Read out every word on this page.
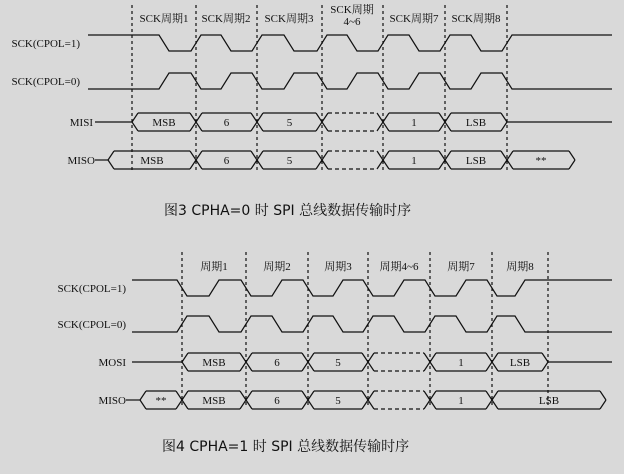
SCK周期1 SCK周期2 SCK周期3
SCK周期 4~6	SCK周期7 SCK周期8
SCK(CPOL=1)
SCK(CPOL=0)
MISI
MISO
MSB	6	5	1	LSB
MSB	6	5	1	LSB	**
图3 CPHA=0 时 SPI 总线数据传输时序
周期1	周期2	周期3	周期4~6	周期7	周期8
SCK(CPOL=1)
SCK(CPOL=0)
MOSI
MISO
MSB	6	5	1	LSB
**	MSB	6	5	1	LSB
图4 CPHA=1 时 SPI 总线数据传输时序
